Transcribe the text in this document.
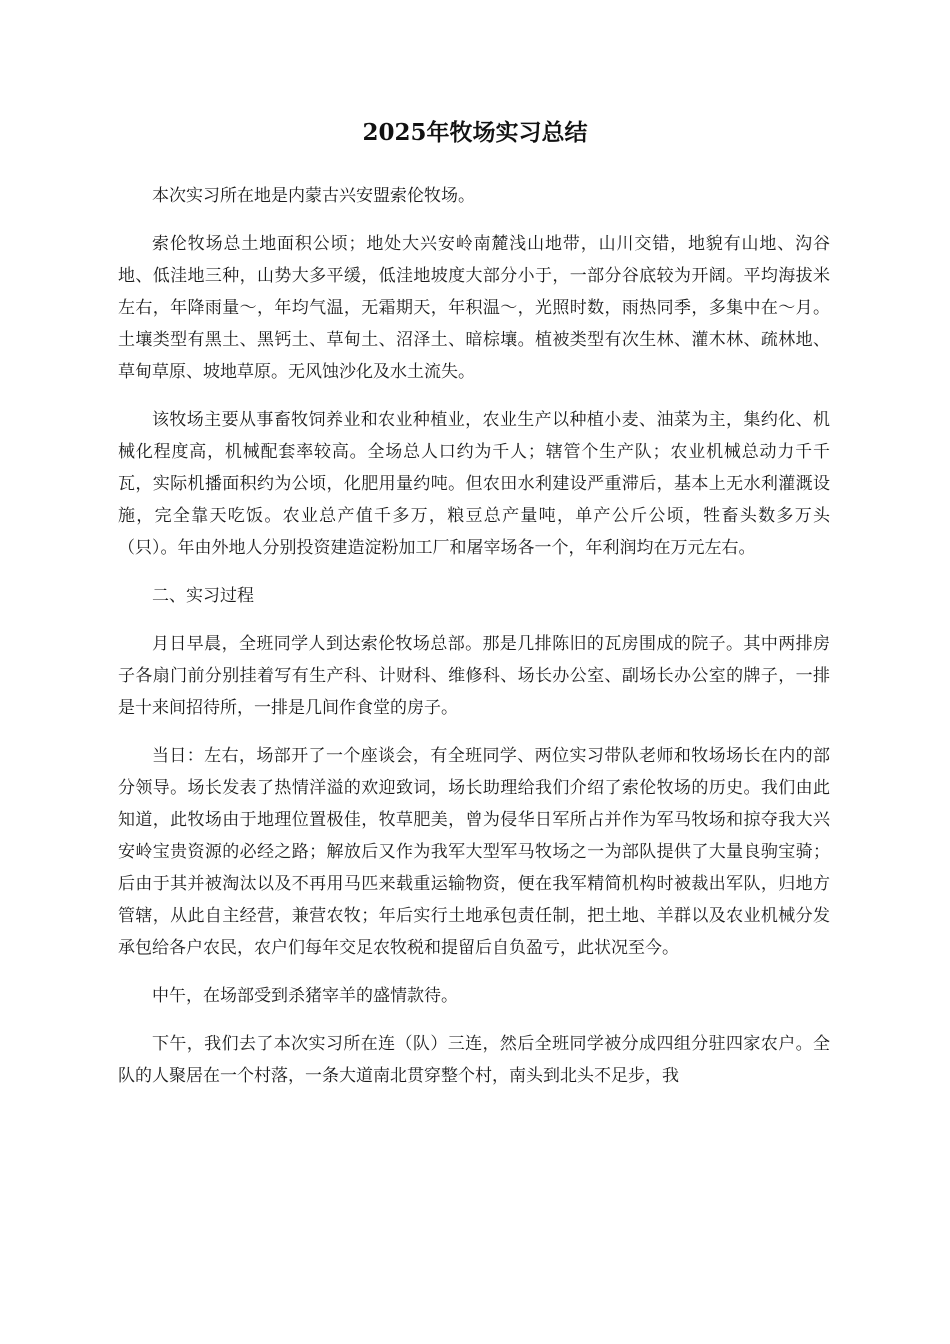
2025年牧场实习总结

本次实习所在地是内蒙古兴安盟索伦牧场。

索伦牧场总土地面积公顷；地处大兴安岭南麓浅山地带，山川交错，地貌有山地、沟谷地、低洼地三种，山势大多平缓，低洼地坡度大部分小于，一部分谷底较为开阔。平均海拔米左右，年降雨量～，年均气温，无霜期天，年积温～，光照时数，雨热同季，多集中在～月。土壤类型有黑土、黑钙土、草甸土、沼泽土、暗棕壤。植被类型有次生林、灌木林、疏林地、草甸草原、坡地草原。无风蚀沙化及水土流失。

该牧场主要从事畜牧饲养业和农业种植业，农业生产以种植小麦、油菜为主，集约化、机械化程度高，机械配套率较高。全场总人口约为千人；辖管个生产队；农业机械总动力千千瓦，实际机播面积约为公顷，化肥用量约吨。但农田水利建设严重滞后，基本上无水利灌溉设施，完全靠天吃饭。农业总产值千多万，粮豆总产量吨，单产公斤公顷，牲畜头数多万头（只）。年由外地人分别投资建造淀粉加工厂和屠宰场各一个，年利润均在万元左右。

二、实习过程

月日早晨，全班同学人到达索伦牧场总部。那是几排陈旧的瓦房围成的院子。其中两排房子各扇门前分别挂着写有生产科、计财科、维修科、场长办公室、副场长办公室的牌子，一排是十来间招待所，一排是几间作食堂的房子。

当日：左右，场部开了一个座谈会，有全班同学、两位实习带队老师和牧场场长在内的部分领导。场长发表了热情洋溢的欢迎致词，场长助理给我们介绍了索伦牧场的历史。我们由此知道，此牧场由于地理位置极佳，牧草肥美，曾为侵华日军所占并作为军马牧场和掠夺我大兴安岭宝贵资源的必经之路；解放后又作为我军大型军马牧场之一为部队提供了大量良驹宝骑；后由于其并被淘汰以及不再用马匹来载重运输物资，便在我军精简机构时被裁出军队，归地方管辖，从此自主经营，兼营农牧；年后实行土地承包责任制，把土地、羊群以及农业机械分发承包给各户农民，农户们每年交足农牧税和提留后自负盈亏，此状况至今。

中午，在场部受到杀猪宰羊的盛情款待。

下午，我们去了本次实习所在连（队）三连，然后全班同学被分成四组分驻四家农户。全队的人聚居在一个村落，一条大道南北贯穿整个村，南头到北头不足步，我
